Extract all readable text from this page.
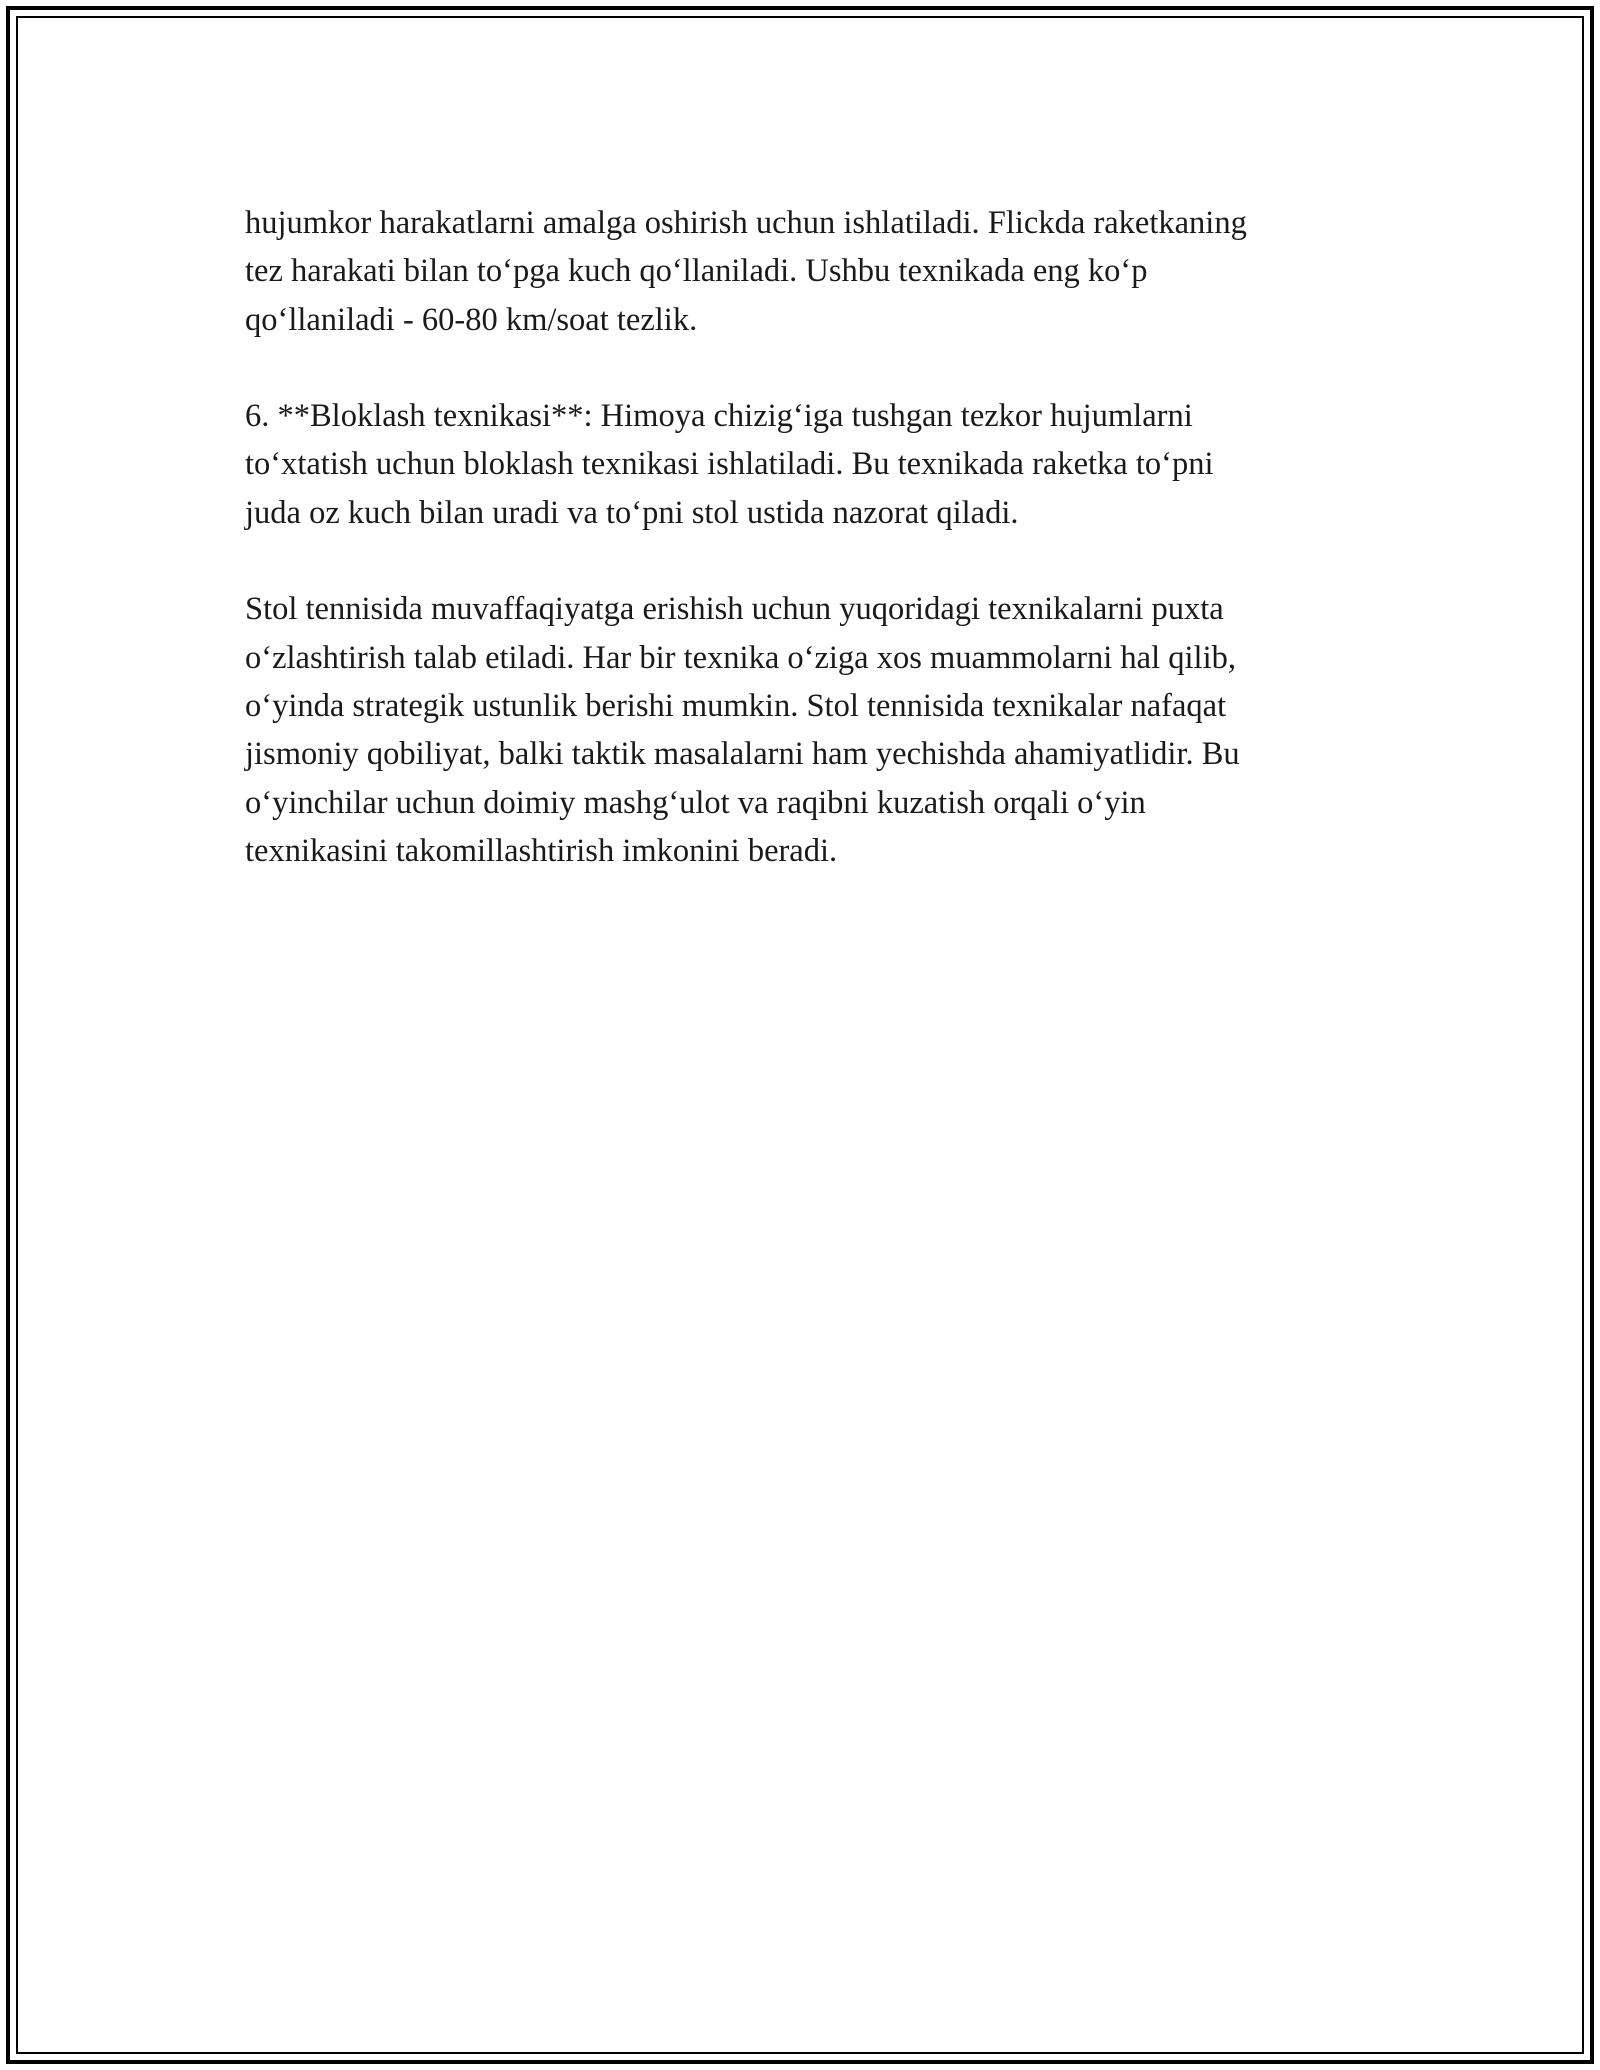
hujumkor harakatlarni amalga oshirish uchun ishlatiladi. Flickda raketkaning
tez harakati bilan to‘pga kuch qo‘llaniladi. Ushbu texnikada eng ko‘p
qo‘llaniladi - 60-80 km/soat tezlik.

6. **Bloklash texnikasi**: Himoya chizig‘iga tushgan tezkor hujumlarni
to‘xtatish uchun bloklash texnikasi ishlatiladi. Bu texnikada raketka to‘pni
juda oz kuch bilan uradi va to‘pni stol ustida nazorat qiladi.

Stol tennisida muvaffaqiyatga erishish uchun yuqoridagi texnikalarni puxta
o‘zlashtirish talab etiladi. Har bir texnika o‘ziga xos muammolarni hal qilib,
o‘yinda strategik ustunlik berishi mumkin. Stol tennisida texnikalar nafaqat
jismoniy qobiliyat, balki taktik masalalarni ham yechishda ahamiyatlidir. Bu
o‘yinchilar uchun doimiy mashg‘ulot va raqibni kuzatish orqali o‘yin
texnikasini takomillashtirish imkonini beradi.
